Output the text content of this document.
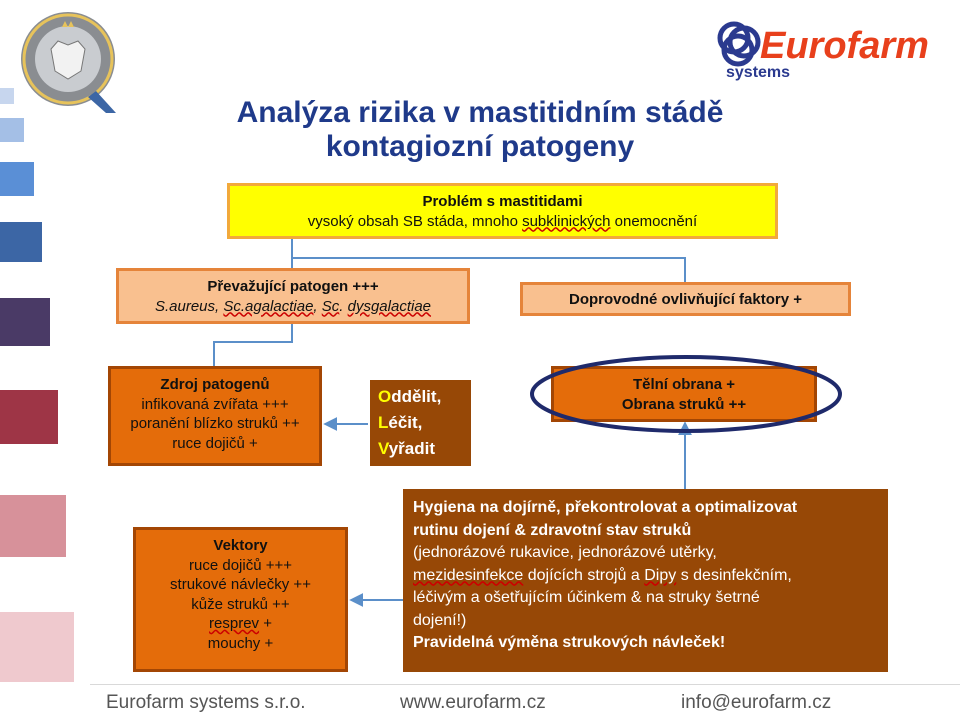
Eurofarm
systems
Analýza rizika v mastitidním stádě
kontagiozní patogeny
Problém s mastitidami
vysoký obsah SB stáda, mnoho subklinických onemocnění
Převažující patogen +++
S.aureus, Sc.agalactiae, Sc. dysgalactiae	Doprovodné ovlivňující faktory +
Zdroj patogenů
infikovaná zvířata +++
poranění blízko struků ++
ruce dojičů +
Oddělit,
Léčit,
Vyřadit
Tělní obrana +
Obrana struků ++
Vektory
ruce dojičů +++
strukové návlečky ++
kůže struků ++
resprev +
mouchy +
Hygiena na dojírně, překontrolovat a optimalizovat
rutinu dojení & zdravotní stav struků
(jednorázové rukavice, jednorázové utěrky,
mezidesinfekce dojících strojů a Dipy s desinfekčním,
léčivým a ošetřujícím účinkem & na struky šetrné
dojení!)
Pravidelná výměna strukových návleček!
Eurofarm systems s.r.o.	www.eurofarm.cz	info@eurofarm.cz
